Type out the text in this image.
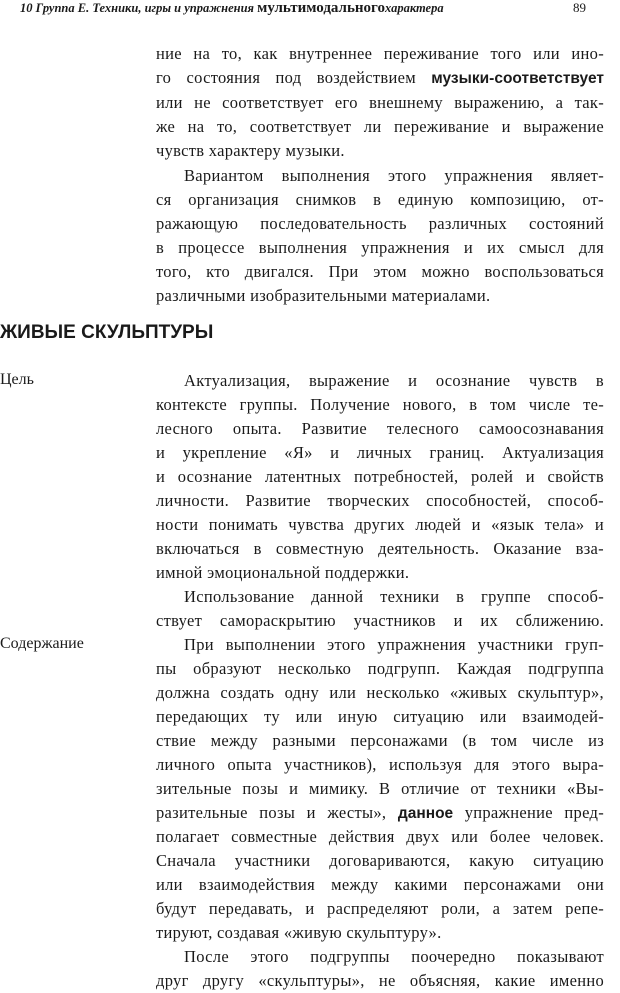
10 Группа Е. Техники, игры и упражнения мультимодальногохарактера	89
ние на то, как внутреннее переживание того или ино-
го состояния под воздействием музыки-соответствует
или не соответствует его внешнему выражению, а так-
же на то, соответствует ли переживание и выражение
чувств характеру музыки.
Вариантом выполнения этого упражнения являет-
ся организация снимков в единую композицию, от-
ражающую последовательность различных состояний
в процессе выполнения упражнения и их смысл для
того, кто двигался. При этом можно воспользоваться
различными изобразительными материалами.
ЖИВЫЕ СКУЛЬПТУРЫ
Цель	Актуализация, выражение и осознание чувств в
контексте группы. Получение нового, в том числе те-
лесного опыта. Развитие телесного самоосознавания
и укрепление «Я» и личных границ. Актуализация
и осознание латентных потребностей, ролей и свойств
личности. Развитие творческих способностей, способ-
ности понимать чувства других людей и «язык тела» и
включаться в совместную деятельность. Оказание вза-
имной эмоциональной поддержки.
Использование данной техники в группе способ-
ствует самораскрытию участников и их сближению.
Содержание	При выполнении этого упражнения участники груп-
пы образуют несколько подгрупп. Каждая подгруппа
должна создать одну или несколько «живых скульптур»,
передающих ту или иную ситуацию или взаимодей-
ствие между разными персонажами (в том числе из
личного опыта участников), используя для этого выра-
зительные позы и мимику. В отличие от техники «Вы-
разительные позы и жесты», данное упражнение пред-
полагает совместные действия двух или более человек.
Сначала участники договариваются, какую ситуацию
или взаимодействия между какими персонажами они
будут передавать, и распределяют роли, а затем репе-
тируют, создавая «живую скульптуру».
После этого подгруппы поочередно показывают
друг другу «скульптуры», не объясняя, какие именно
